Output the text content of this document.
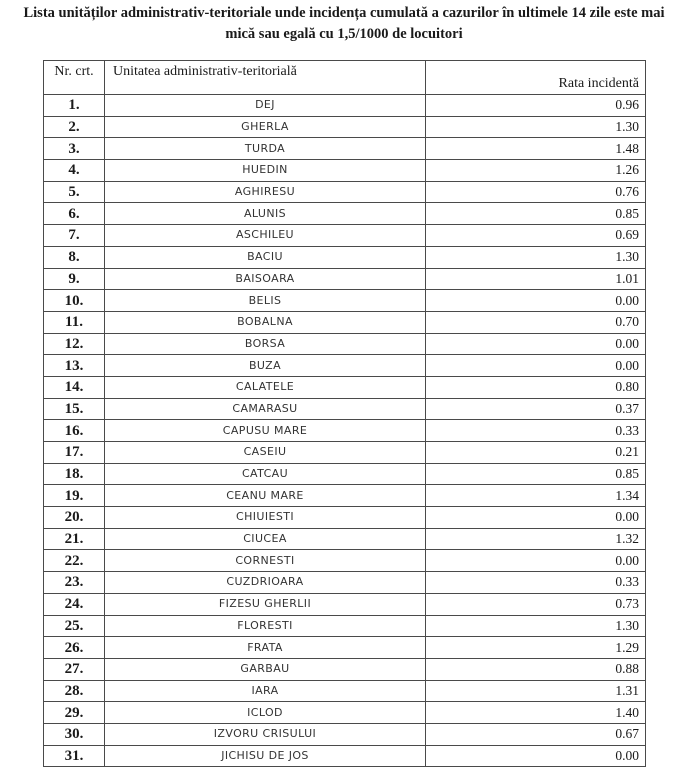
Lista unităților administrativ-teritoriale unde incidența cumulată a cazurilor în ultimele 14 zile este mai
mică sau egală cu 1,5/1000 de locuitori
Nr. crt.	Unitatea administrativ-teritorială	Rata incidentă
1.	DEJ	0.96
2.	GHERLA	1.30
3.	TURDA	1.48
4.	HUEDIN	1.26
5.	AGHIRESU	0.76
6.	ALUNIS	0.85
7.	ASCHILEU	0.69
8.	BACIU	1.30
9.	BAISOARA	1.01
10.	BELIS	0.00
11.	BOBALNA	0.70
12.	BORSA	0.00
13.	BUZA	0.00
14.	CALATELE	0.80
15.	CAMARASU	0.37
16.	CAPUSU MARE	0.33
17.	CASEIU	0.21
18.	CATCAU	0.85
19.	CEANU MARE	1.34
20.	CHIUIESTI	0.00
21.	CIUCEA	1.32
22.	CORNESTI	0.00
23.	CUZDRIOARA	0.33
24.	FIZESU GHERLII	0.73
25.	FLORESTI	1.30
26.	FRATA	1.29
27.	GARBAU	0.88
28.	IARA	1.31
29.	ICLOD	1.40
30.	IZVORU CRISULUI	0.67
31.	JICHISU DE JOS	0.00
